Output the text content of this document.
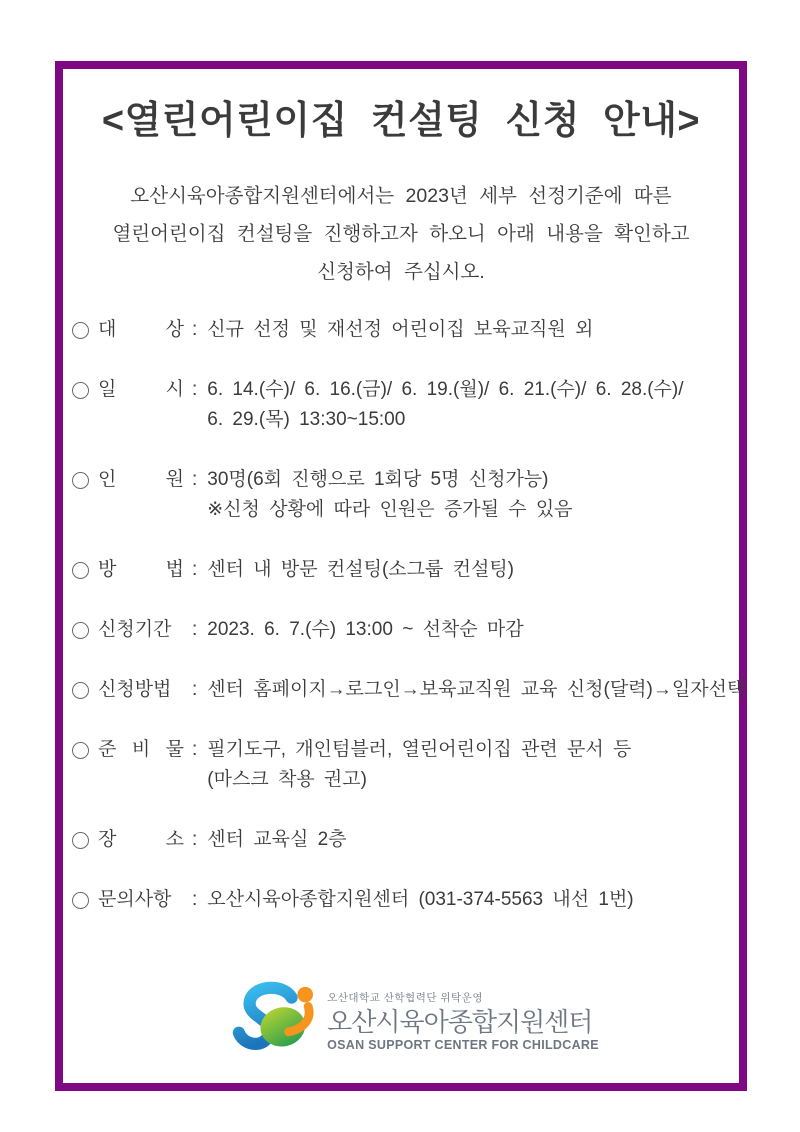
<열린어린이집 컨설팅 신청 안내>
오산시육아종합지원센터에서는 2023년 세부 선정기준에 따른
열린어린이집 컨설팅을 진행하고자 하오니 아래 내용을 확인하고
신청하여 주십시오.
대	상 : 신규 선정 및 재선정 어린이집 보육교직원 외
일	시 : 6. 14.(수)/ 6. 16.(금)/ 6. 19.(월)/ 6. 21.(수)/ 6. 28.(수)/
6. 29.(목) 13:30~15:00
인	원 : 30명(6회 진행으로 1회당 5명 신청가능)
※신청 상황에 따라 인원은 증가될 수 있음
방	법 : 센터 내 방문 컨설팅(소그룹 컨설팅)
신청기간	: 2023. 6. 7.(수) 13:00 ~ 선착순 마감
신청방법	: 센터 홈페이지→로그인→보육교직원 교육 신청(달력)→일자선택
준 비 물 : 필기도구, 개인텀블러, 열린어린이집 관련 문서 등
(마스크 착용 권고)
장	소 : 센터 교육실 2층
문의사항	: 오산시육아종합지원센터 (031-374-5563 내선 1번)
오산대학교 산학협력단 위탁운영
오산시육아종합지원센터
OSAN SUPPORT CENTER FOR CHILDCARE
